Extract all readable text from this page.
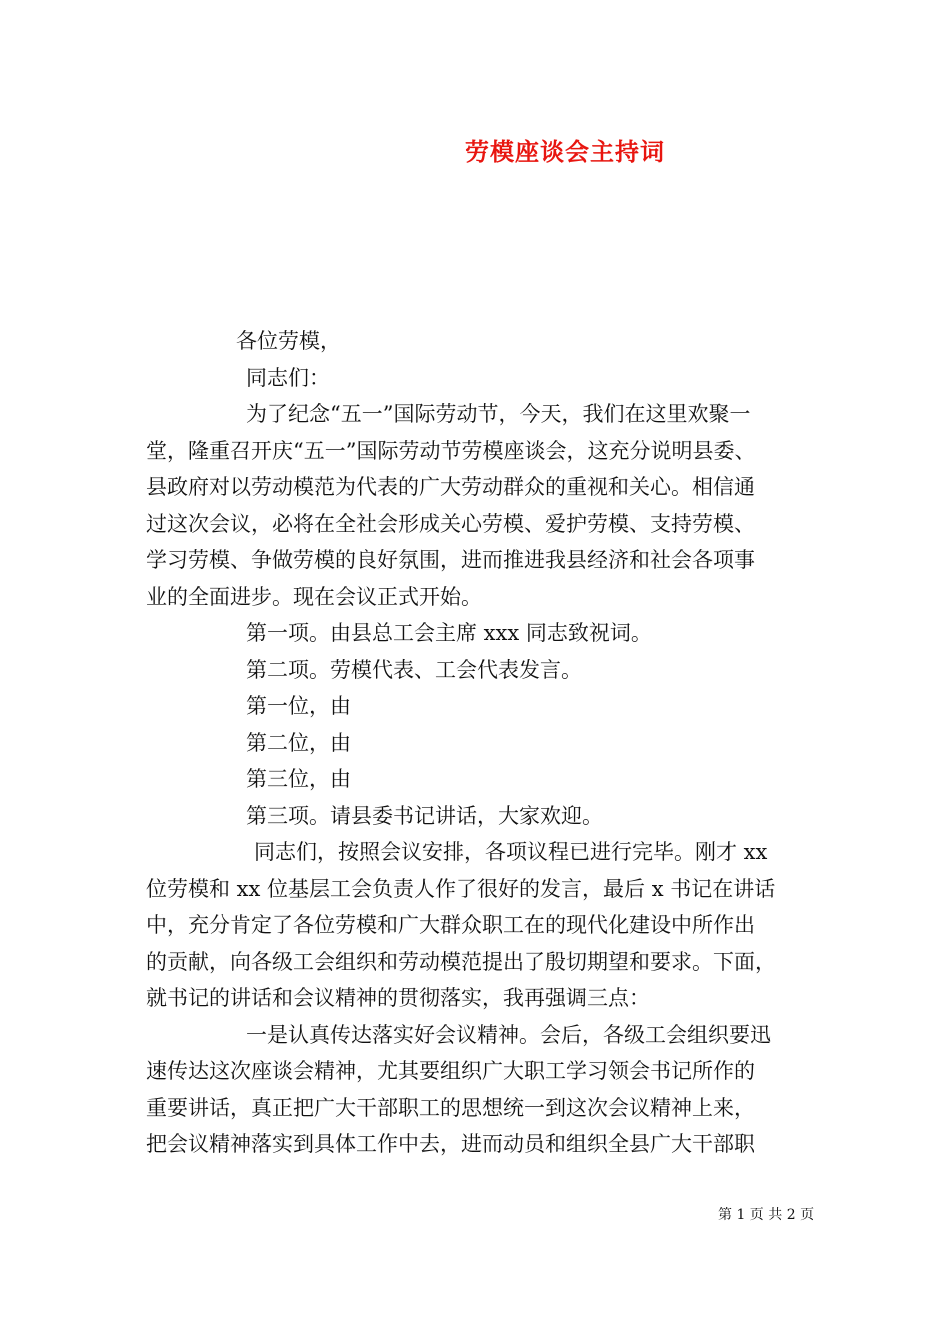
劳模座谈会主持词
各位劳模，
同志们：
为了纪念“五一”国际劳动节，今天，我们在这里欢聚一
堂，隆重召开庆“五一”国际劳动节劳模座谈会，这充分说明县委、
县政府对以劳动模范为代表的广大劳动群众的重视和关心。相信通
过这次会议，必将在全社会形成关心劳模、爱护劳模、支持劳模、
学习劳模、争做劳模的良好氛围，进而推进我县经济和社会各项事
业的全面进步。现在会议正式开始。
第一项。由县总工会主席 xxx 同志致祝词。
第二项。劳模代表、工会代表发言。
第一位，由
第二位，由
第三位，由
第三项。请县委书记讲话，大家欢迎。
同志们，按照会议安排，各项议程已进行完毕。刚才 xx
位劳模和 xx 位基层工会负责人作了很好的发言，最后 x 书记在讲话
中，充分肯定了各位劳模和广大群众职工在的现代化建设中所作出
的贡献，向各级工会组织和劳动模范提出了殷切期望和要求。下面，
就书记的讲话和会议精神的贯彻落实，我再强调三点：
一是认真传达落实好会议精神。会后，各级工会组织要迅
速传达这次座谈会精神，尤其要组织广大职工学习领会书记所作的
重要讲话，真正把广大干部职工的思想统一到这次会议精神上来，
把会议精神落实到具体工作中去，进而动员和组织全县广大干部职
第 1 页 共 2 页
